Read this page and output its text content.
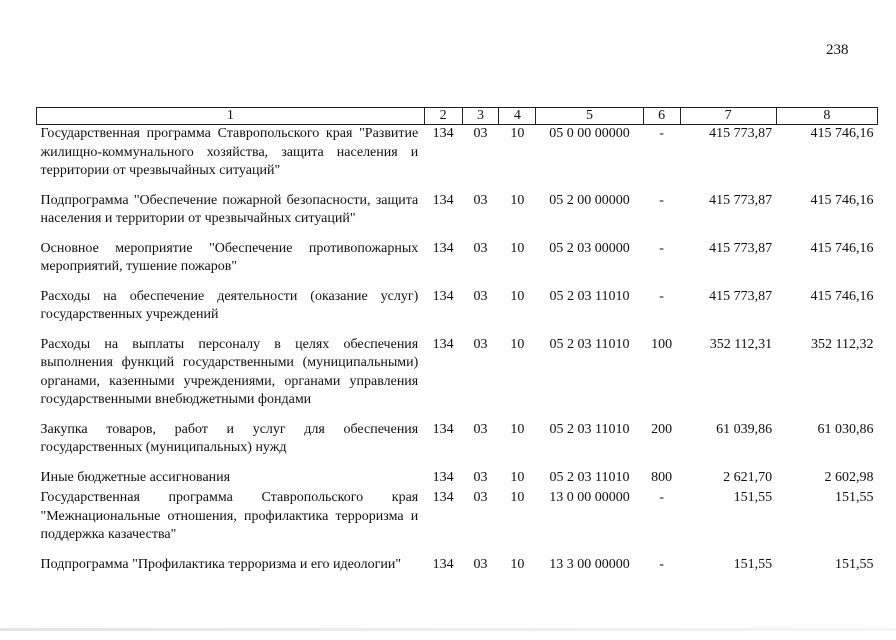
238
1	2	3	4	5	6	7	8
Государственная программа Ставропольского края "Развитие жилищно-коммунального хозяйства, защита населения и территории от чрезвычайных ситуаций"	134	03	10	05 0 00 00000	-	415 773,87	415 746,16
Подпрограмма "Обеспечение пожарной безопасности, защита населения и территории от чрезвычайных ситуаций"	134	03	10	05 2 00 00000	-	415 773,87	415 746,16
Основное мероприятие "Обеспечение противопожарных мероприятий, тушение пожаров"	134	03	10	05 2 03 00000	-	415 773,87	415 746,16
Расходы на обеспечение деятельности (оказание услуг) государственных учреждений	134	03	10	05 2 03 11010	-	415 773,87	415 746,16
Расходы на выплаты персоналу в целях обеспечения выполнения функций государственными (муниципальными) органами, казенными учреждениями, органами управления государственными внебюджетными фондами	134	03	10	05 2 03 11010	100	352 112,31	352 112,32
Закупка товаров, работ и услуг для обеспечения государственных (муниципальных) нужд	134	03	10	05 2 03 11010	200	61 039,86	61 030,86
Иные бюджетные ассигнования	134	03	10	05 2 03 11010	800	2 621,70	2 602,98
Государственная программа Ставропольского края "Межнациональные отношения, профилактика терроризма и поддержка казачества"	134	03	10	13 0 00 00000	-	151,55	151,55
Подпрограмма "Профилактика терроризма и его идеологии"	134	03	10	13 3 00 00000	-	151,55	151,55
